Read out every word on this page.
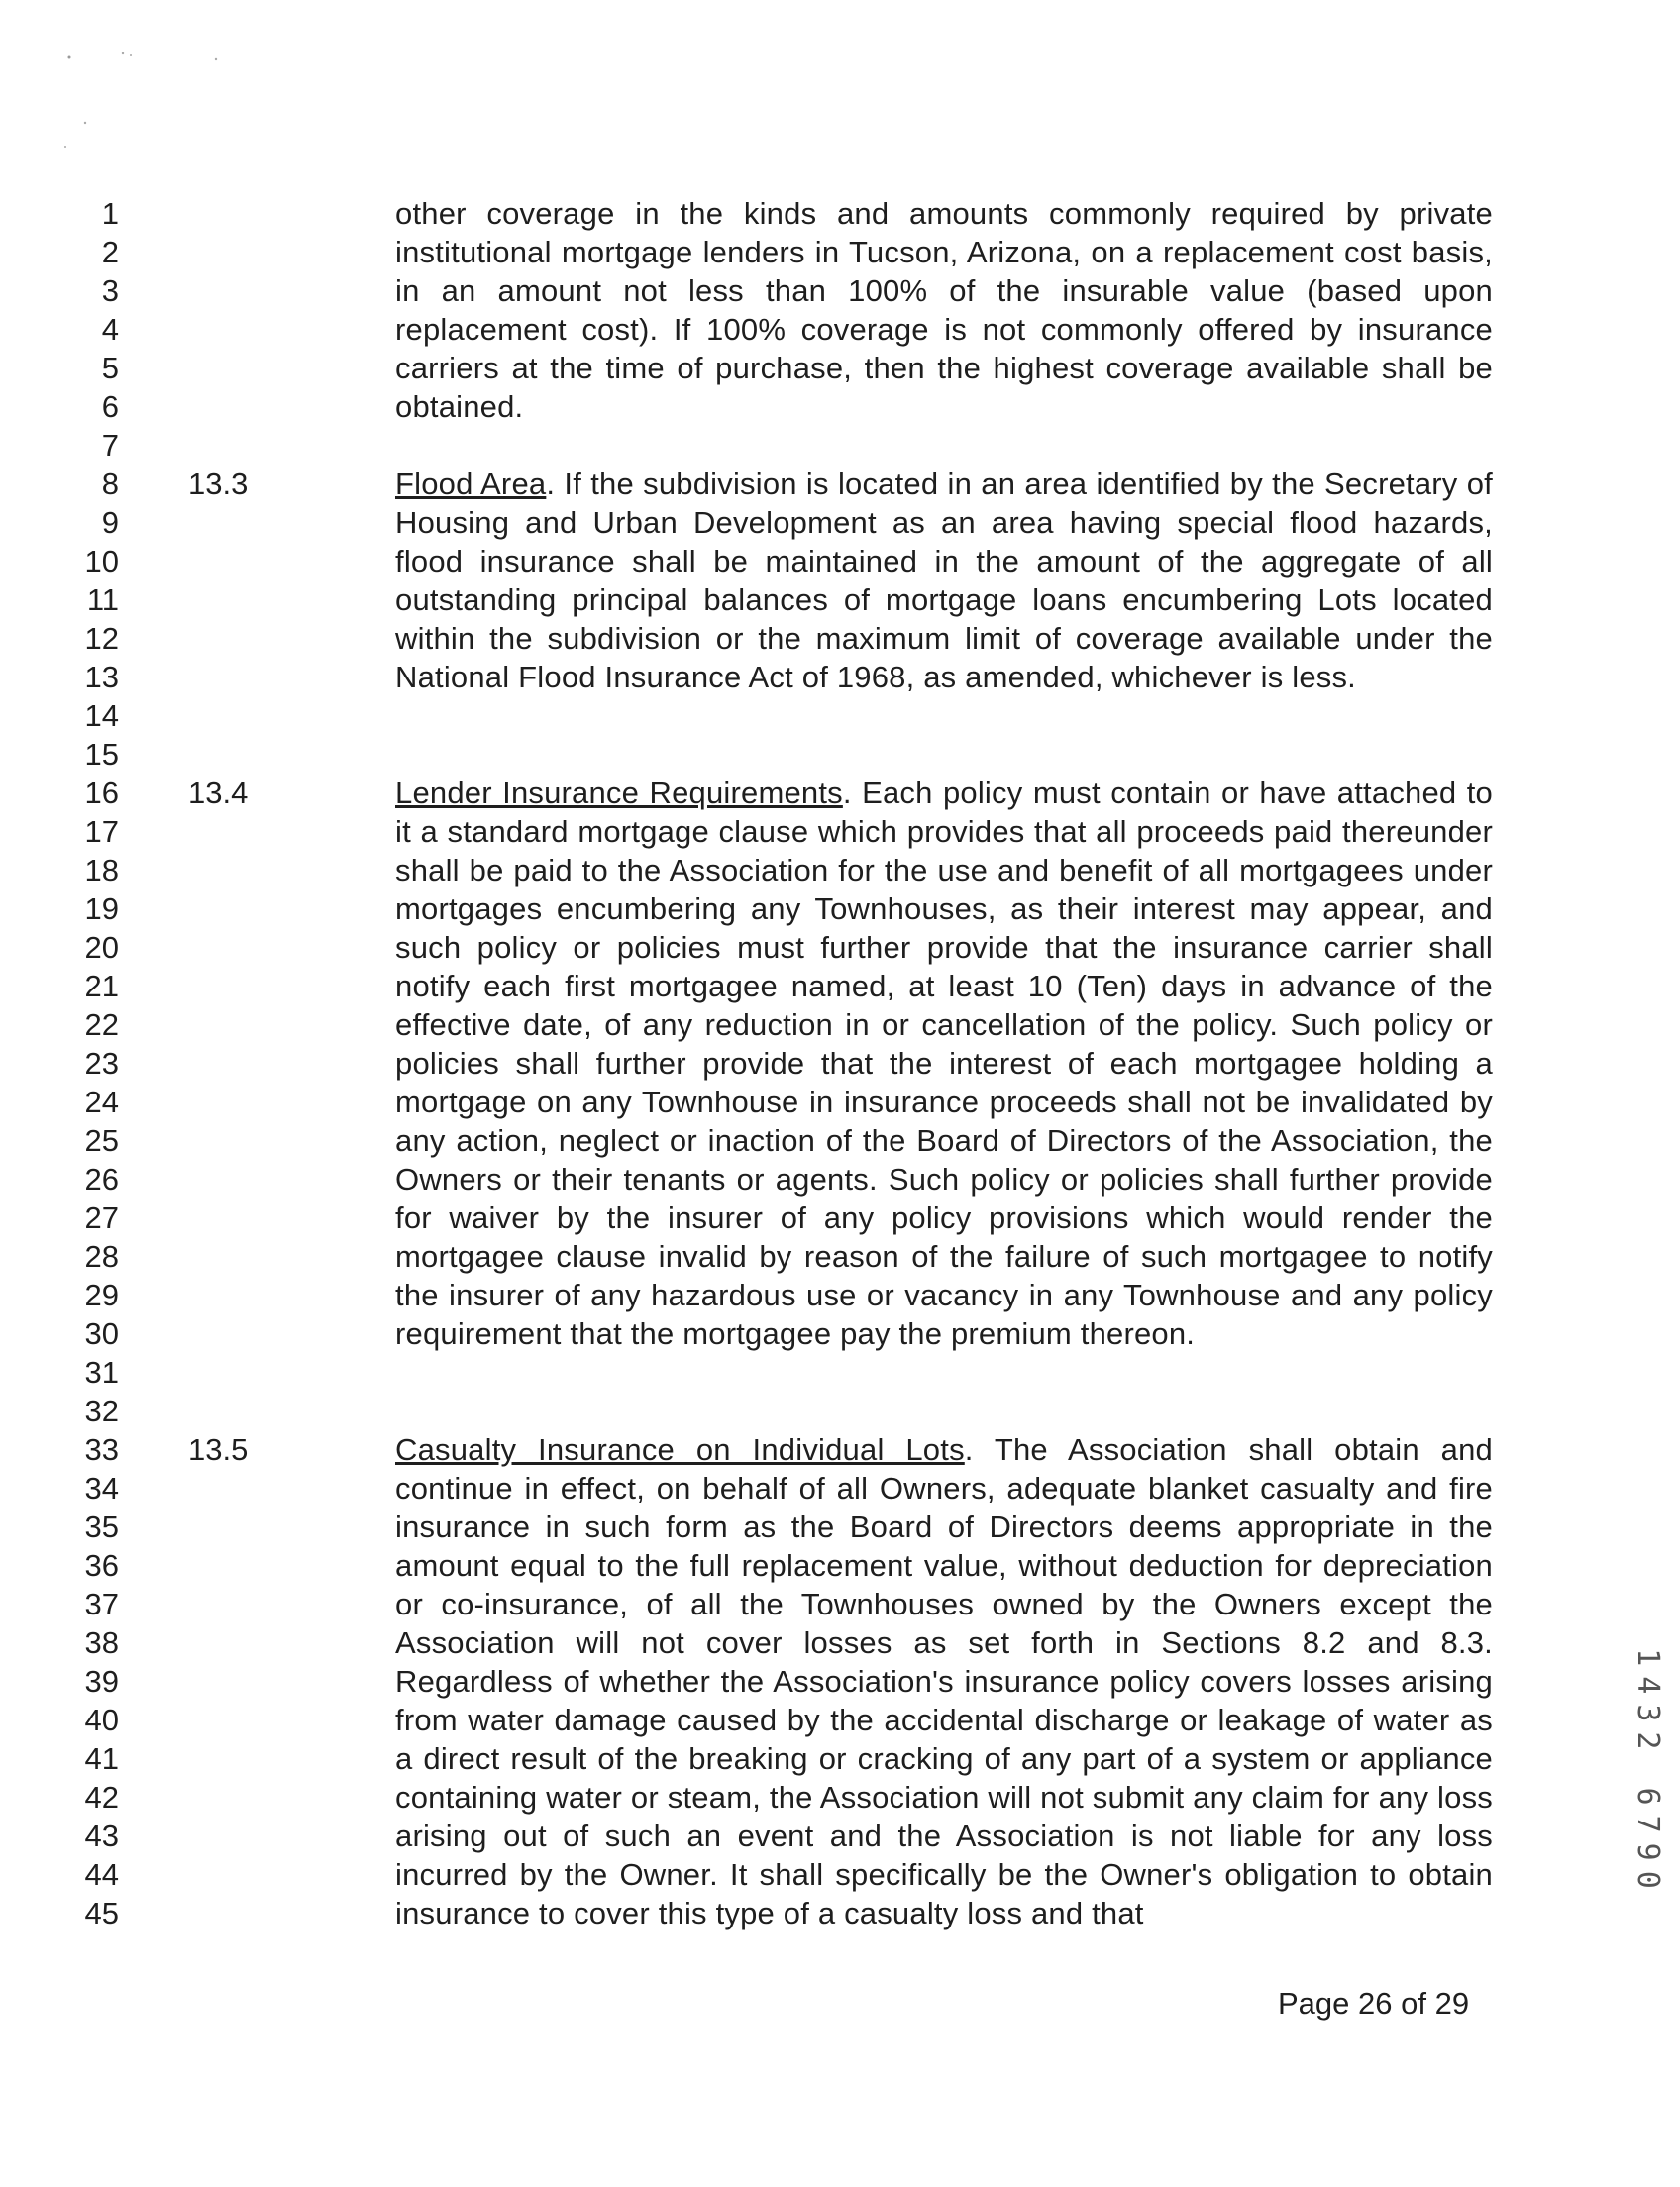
1
2
3
4
5
6
7
8
9
10
11
12
13
14
15
16
17
18
19
20
21
22
23
24
25
26
27
28
29
30
31
32
33
34
35
36
37
38
39
40
41
42
43
44
45
other coverage in the kinds and amounts commonly required by private institutional mortgage lenders in Tucson, Arizona, on a replacement cost basis, in an amount not less than 100% of the insurable value (based upon replacement cost). If 100% coverage is not commonly offered by insurance carriers at the time of purchase, then the highest coverage available shall be obtained.
13.3	Flood Area. If the subdivision is located in an area identified by the Secretary of Housing and Urban Development as an area having special flood hazards, flood insurance shall be maintained in the amount of the aggregate of all outstanding principal balances of mortgage loans encumbering Lots located within the subdivision or the maximum limit of coverage available under the National Flood Insurance Act of 1968, as amended, whichever is less.
13.4	Lender Insurance Requirements. Each policy must contain or have attached to it a standard mortgage clause which provides that all proceeds paid thereunder shall be paid to the Association for the use and benefit of all mortgagees under mortgages encumbering any Townhouses, as their interest may appear, and such policy or policies must further provide that the insurance carrier shall notify each first mortgagee named, at least 10 (Ten) days in advance of the effective date, of any reduction in or cancellation of the policy. Such policy or policies shall further provide that the interest of each mortgagee holding a mortgage on any Townhouse in insurance proceeds shall not be invalidated by any action, neglect or inaction of the Board of Directors of the Association, the Owners or their tenants or agents. Such policy or policies shall further provide for waiver by the insurer of any policy provisions which would render the mortgagee clause invalid by reason of the failure of such mortgagee to notify the insurer of any hazardous use or vacancy in any Townhouse and any policy requirement that the mortgagee pay the premium thereon.
13.5	Casualty Insurance on Individual Lots. The Association shall obtain and continue in effect, on behalf of all Owners, adequate blanket casualty and fire insurance in such form as the Board of Directors deems appropriate in the amount equal to the full replacement value, without deduction for depreciation or co-insurance, of all the Townhouses owned by the Owners except the Association will not cover losses as set forth in Sections 8.2 and 8.3. Regardless of whether the Association's insurance policy covers losses arising from water damage caused by the accidental discharge or leakage of water as a direct result of the breaking or cracking of any part of a system or appliance containing water or steam, the Association will not submit any claim for any loss arising out of such an event and the Association is not liable for any loss incurred by the Owner. It shall specifically be the Owner's obligation to obtain insurance to cover this type of a casualty loss and that
Page 26 of 29
1432 6790
